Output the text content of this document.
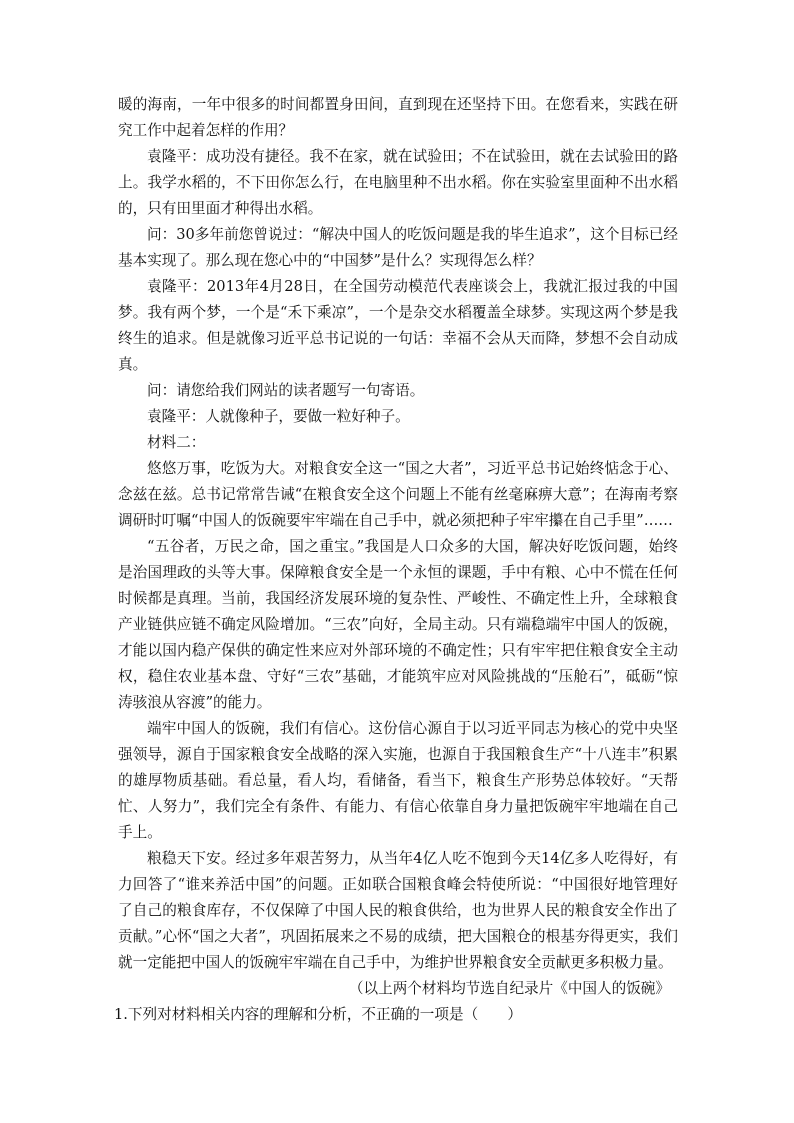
暖的海南，一年中很多的时间都置身田间，直到现在还坚持下田。在您看来，实践在研究工作中起着怎样的作用？

袁隆平：成功没有捷径。我不在家，就在试验田；不在试验田，就在去试验田的路上。我学水稻的，不下田你怎么行，在电脑里种不出水稻。你在实验室里面种不出水稻的，只有田里面才种得出水稻。

问：30多年前您曾说过：“解决中国人的吃饭问题是我的毕生追求”，这个目标已经基本实现了。那么现在您心中的“中国梦”是什么？实现得怎么样？

袁隆平：2013年4月28日，在全国劳动模范代表座谈会上，我就汇报过我的中国梦。我有两个梦，一个是“禾下乘凉”，一个是杂交水稻覆盖全球梦。实现这两个梦是我终生的追求。但是就像习近平总书记说的一句话：幸福不会从天而降，梦想不会自动成真。

问：请您给我们网站的读者题写一句寄语。

袁隆平：人就像种子，要做一粒好种子。

材料二：

悠悠万事，吃饭为大。对粮食安全这一“国之大者”，习近平总书记始终惦念于心、念兹在兹。总书记常常告诫“在粮食安全这个问题上不能有丝毫麻痹大意”；在海南考察调研时叮嘱“中国人的饭碗要牢牢端在自己手中，就必须把种子牢牢攥在自己手里”……

“五谷者，万民之命，国之重宝。”我国是人口众多的大国，解决好吃饭问题，始终是治国理政的头等大事。保障粮食安全是一个永恒的课题，手中有粮、心中不慌在任何时候都是真理。当前，我国经济发展环境的复杂性、严峻性、不确定性上升，全球粮食产业链供应链不确定风险增加。“三农”向好，全局主动。只有端稳端牢中国人的饭碗，才能以国内稳产保供的确定性来应对外部环境的不确定性；只有牢牢把住粮食安全主动权，稳住农业基本盘、守好“三农”基础，才能筑牢应对风险挑战的“压舱石”，砥砺“惊涛骇浪从容渡”的能力。

端牢中国人的饭碗，我们有信心。这份信心源自于以习近平同志为核心的党中央坚强领导，源自于国家粮食安全战略的深入实施，也源自于我国粮食生产“十八连丰”积累的雄厚物质基础。看总量，看人均，看储备，看当下，粮食生产形势总体较好。“天帮忙、人努力”，我们完全有条件、有能力、有信心依靠自身力量把饭碗牢牢地端在自己手上。

粮稳天下安。经过多年艰苦努力，从当年4亿人吃不饱到今天14亿多人吃得好，有力回答了“谁来养活中国”的问题。正如联合国粮食峰会特使所说：“中国很好地管理好了自己的粮食库存，不仅保障了中国人民的粮食供给，也为世界人民的粮食安全作出了贡献。”心怀“国之大者”，巩固拓展来之不易的成绩，把大国粮仓的根基夯得更实，我们就一定能把中国人的饭碗牢牢端在自己手中，为维护世界粮食安全贡献更多积极力量。

（以上两个材料均节选自纪录片《中国人的饭碗》

1.下列对材料相关内容的理解和分析，不正确的一项是（　　）
